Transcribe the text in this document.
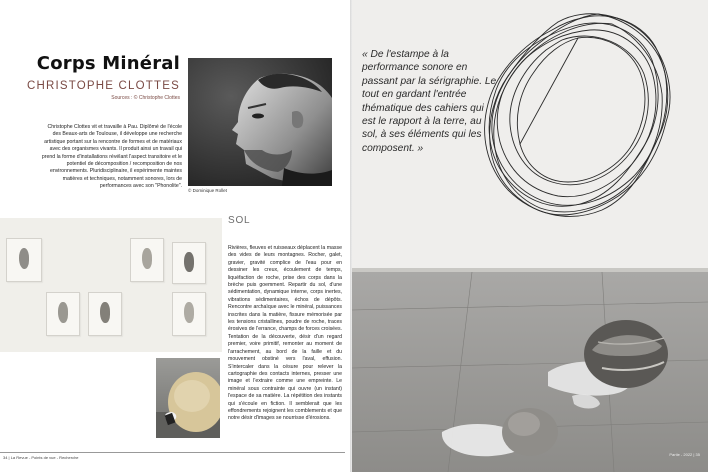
Corps Minéral
CHRISTOPHE CLOTTES
Sources : © Christophe Clottes
© Dominique Rollet

Christophe Clottes vit et travaille à Pau. Diplômé de l'école des Beaux-arts de Toulouse, il développe une recherche artistique portant sur la rencontre de formes et de matériaux avec des organismes vivants. Il produit ainsi un travail qui prend la forme d'installations révélant l'aspect transitoire et le potentiel de décomposition / recomposition de nos environnements. Pluridisciplinaire, il expérimente maintes matières et techniques, notamment sonores, lors de performances avec son "Phonolite".

SOL

Rivières, fleuves et ruisseaux déplacent la masse des vides de leurs montagnes. Rocher, galet, gravier, gravité complice de l'eau pour en dessiner les creux, écoulement de temps, liquéfaction de roche, prise des corps dans la brèche puis goemment. Repartir du sol, d'une sédimentation, dynamique interne, corps inertes, vibrations sédimentaires, échos de dépôts. Rencontre archaïque avec le minéral, puissances inscrites dans la matière, fissure mémorisée par les tensions cristallines, poudre de roche, traces érosives de l'errance, champs de forces croisées. Tentation de la découverte, désir d'un regard premier, voire primitif, remonter au moment de l'arrachement, au bord de la faille et du mouvement obstiné vers l'aval, effusion. S'intercaler dans la césure pour relever la cartographie des contacts internes, presser une image et l'extraire comme une empreinte. Le minéral sous contrainte qui ouvre (un instant) l'espace de sa matière. La répétition des instants qui s'écoule en fiction. Il semblerait que les effondrements rejoignent les comblements et que notre désir d'images se nourrisse d'érosions.

34 | La Revue - Points de vue - Recherche

« De l'estampe à la performance sonore en passant par la sérigraphie. Le tout en gardant l'entrée thématique des cahiers qui est le rapport à la terre, au sol, à ses éléments qui les composent. »

Partie - 2022 | 35
